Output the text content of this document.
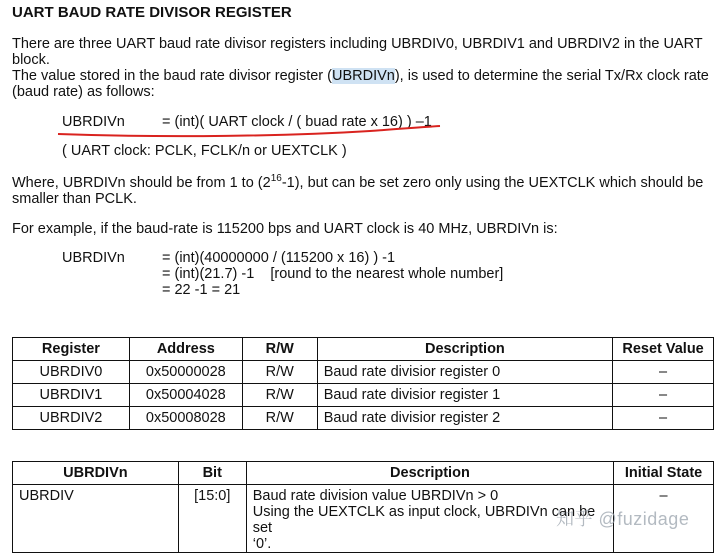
UART BAUD RATE DIVISOR REGISTER
There are three UART baud rate divisor registers including UBRDIV0, UBRDIV1 and UBRDIV2 in the UART
block.
The value stored in the baud rate divisor register (UBRDIVn), is used to determine the serial Tx/Rx clock rate
(baud rate) as follows:
UBRDIVn	= (int)( UART clock / ( buad rate x 16) ) –1
( UART clock: PCLK, FCLK/n or UEXTCLK )
Where, UBRDIVn should be from 1 to $(2^{16}-1)$, but can be set zero only using the UEXTCLK which should be
smaller than PCLK.
For example, if the baud-rate is 115200 bps and UART clock is 40 MHz, UBRDIVn is:
UBRDIVn	= (int)(40000000 / (115200 x 16) ) -1
= (int)(21.7) -1    [round to the nearest whole number]
= 22 -1 = 21
Register	Address	R/W	Description	Reset Value
UBRDIV0	0x50000028	R/W	Baud rate divisior register 0	–
UBRDIV1	0x50004028	R/W	Baud rate divisior register 1	–
UBRDIV2	0x50008028	R/W	Baud rate divisior register 2	–
UBRDIVn	Bit	Description	Initial State
UBRDIV	[15:0]	Baud rate division value UBRDIVn > 0
Using the UEXTCLK as input clock, UBRDIVn can be set
‘0’.	–
知乎 @fuzidage
